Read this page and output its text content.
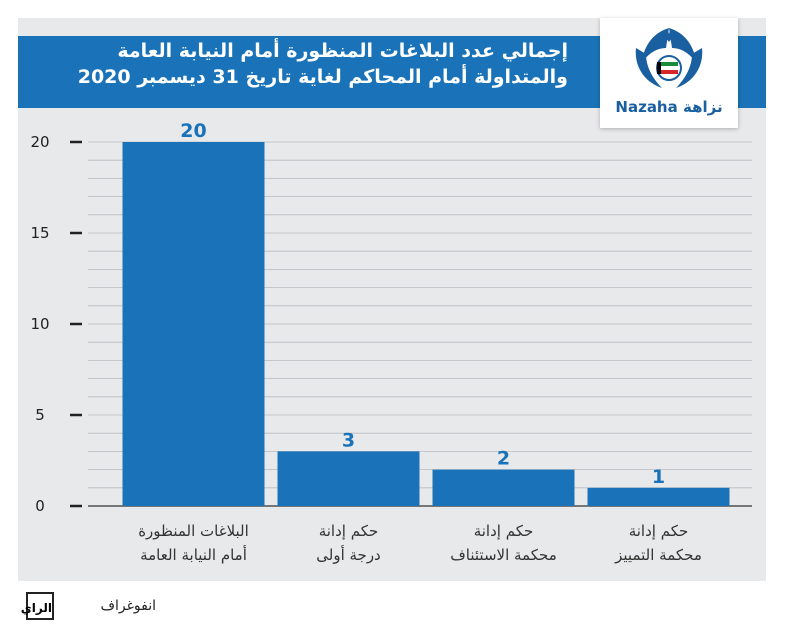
إجمالي عدد البلاغات المنظورة أمام النيابة العامة
والمتداولة أمام المحاكم لغاية تاريخ 31 ديسمبر 2020
Nazaha نزاهة
0
5
10
15
20	20
البلاغات المنظورة
أمام النيابة العامة
3
حكم إدانة
درجة أولى
2
حكم إدانة
محكمة الاستئناف
1
حكم إدانة
محكمة التمييز
انفوغراف
الراي
